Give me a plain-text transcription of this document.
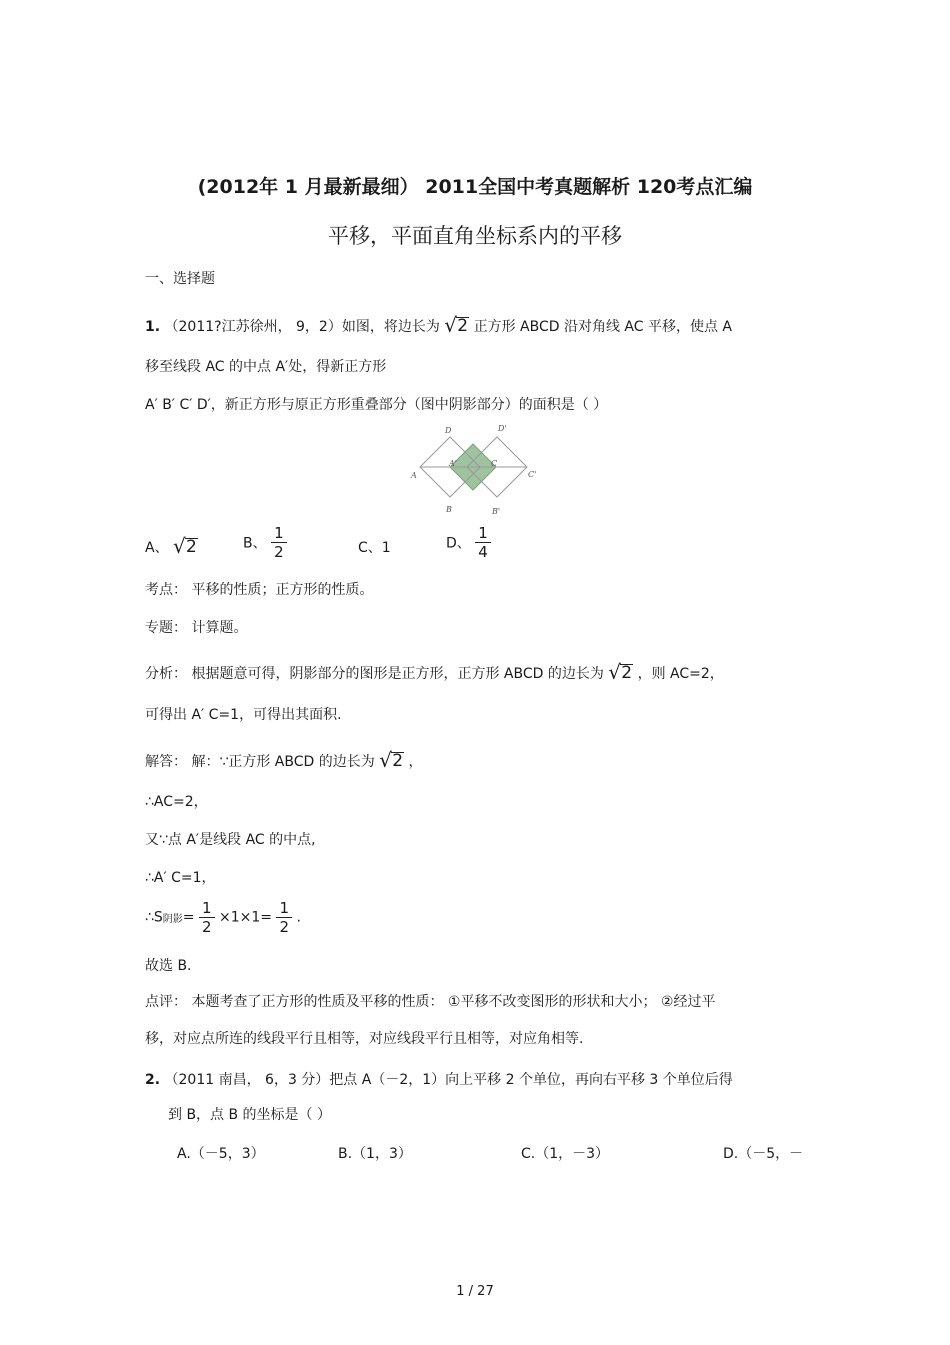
(2012年 1 月最新最细） 2011全国中考真题解析 120考点汇编
平移，平面直角坐标系内的平移
一、选择题
1. （2011?江苏徐州， 9，2）如图，将边长为 √ 2 正方形 ABCD 沿对角线 AC 平移，使点 A
移至线段 AC 的中点 A′处，得新正方形
A′ B′ C′ D′，新正方形与原正方形重叠部分（图中阴影部分）的面积是（ ）
D	D'
A
A'	C
C'
B	B'
A、 √ 2	B、 $\frac{1}{2}$	C、1	D、 $\frac{1}{4}$
考点： 平移的性质；正方形的性质。
专题： 计算题。
分析： 根据题意可得，阴影部分的图形是正方形，正方形 ABCD 的边长为 √ 2 ，则 AC=2，
可得出 A′ C=1，可得出其面积.
解答： 解：∵正方形 ABCD 的边长为 √ 2 ，
∴AC=2，
又∵点 A′是线段 AC 的中点,
∴A′ C=1，
∴S阴影= $\frac{1}{2} \times 1\times 1= \frac{1}{2}$ .
故选 B.
点评： 本题考查了正方形的性质及平移的性质： ①平移不改变图形的形状和大小； ②经过平
移，对应点所连的线段平行且相等，对应线段平行且相等，对应角相等.
2. （2011 南昌， 6，3 分）把点 A（－2，1）向上平移 2 个单位，再向右平移 3 个单位后得
到 B，点 B 的坐标是（ ）
A.（－5，3）	B.（1，3）	C.（1，－3）	D.（－5，－
1 / 27
